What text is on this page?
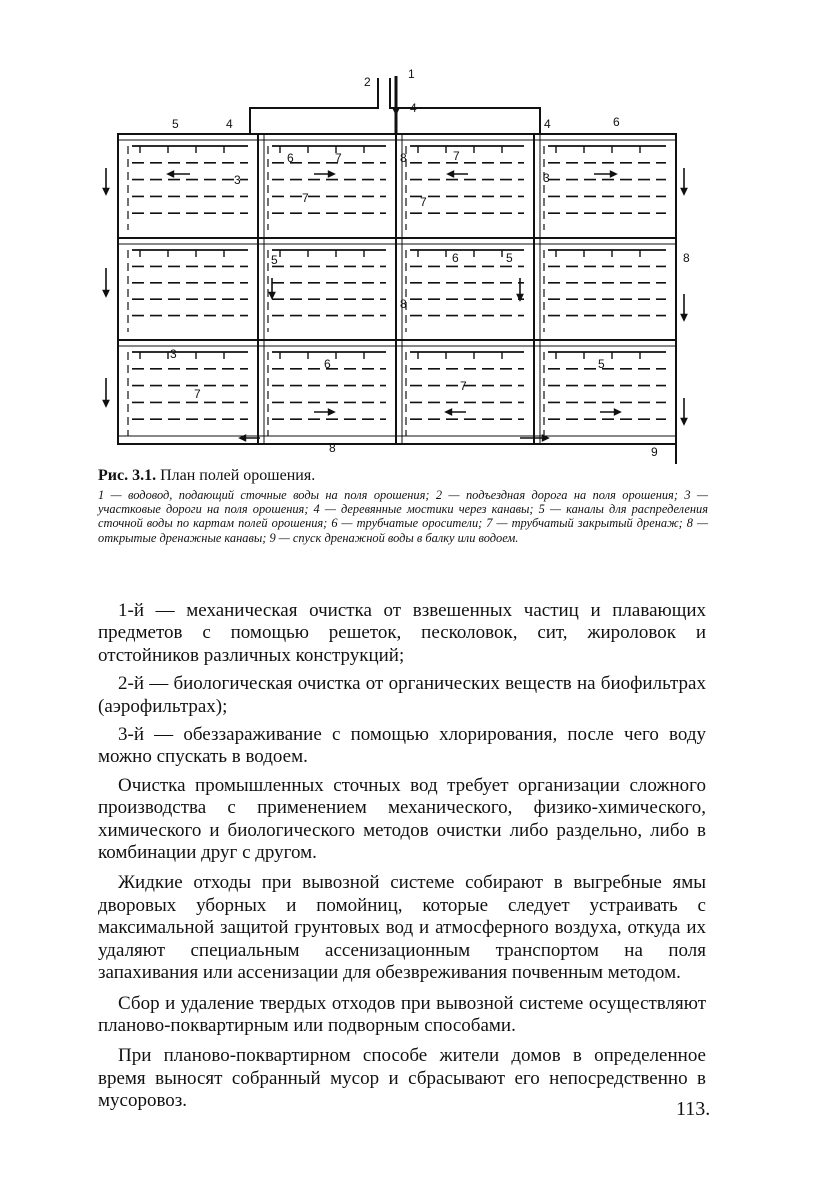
2
1
4
5	4	4	6
6	7	8	7
3	3
7	7
5	6	5	8
8
3
6	5
7
7
8	9

Рис. 3.1. План полей орошения.

1 — водовод, подающий сточные воды на поля орошения; 2 — подъездная дорога на поля орошения; 3 — участковые дороги на поля орошения; 4 — деревянные мостики через канавы; 5 — каналы для распределения сточной воды по картам полей орошения; 6 — трубчатые оросители; 7 — трубчатый закрытый дренаж; 8 — открытые дренажные канавы; 9 — спуск дренажной воды в балку или водоем.

1-й — механическая очистка от взвешенных частиц и плавающих предметов с помощью решеток, песколовок, сит, жироловок и отстойников различных конструкций;

2-й — биологическая очистка от органических веществ на биофильтрах (аэрофильтрах);

3-й — обеззараживание с помощью хлорирования, после чего воду можно спускать в водоем.

Очистка промышленных сточных вод требует организации сложного производства с применением механического, физико-химического, химического и биологического методов очистки либо раздельно, либо в комбинации друг с другом.

Жидкие отходы при вывозной системе собирают в выгребные ямы дворовых уборных и помойниц, которые следует устраивать с максимальной защитой грунтовых вод и атмосферного воздуха, откуда их удаляют специальным ассенизационным транспортом на поля запахивания или ассенизации для обезвреживания почвенным методом.

Сбор и удаление твердых отходов при вывозной системе осуществляют планово-поквартирным или подворным способами.

При планово-поквартирном способе жители домов в определенное время выносят собранный мусор и сбрасывают его непосредственно в мусоровоз.	113.
